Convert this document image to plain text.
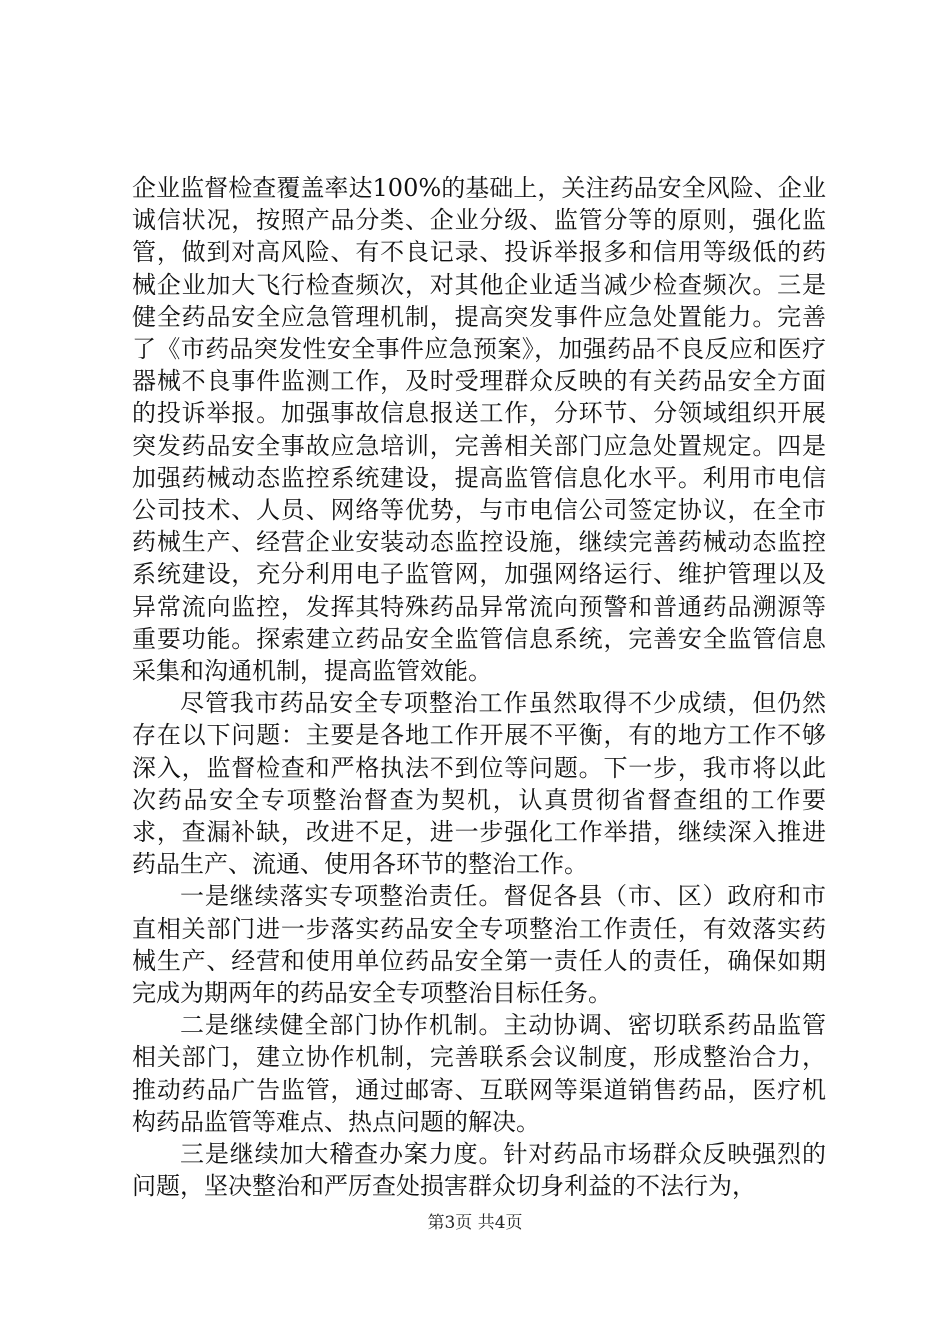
企业监督检查覆盖率达100%的基础上，关注药品安全风险、企业诚信状况，按照产品分类、企业分级、监管分等的原则，强化监管，做到对高风险、有不良记录、投诉举报多和信用等级低的药械企业加大飞行检查频次，对其他企业适当减少检查频次。三是健全药品安全应急管理机制，提高突发事件应急处置能力。完善了《市药品突发性安全事件应急预案》，加强药品不良反应和医疗器械不良事件监测工作，及时受理群众反映的有关药品安全方面的投诉举报。加强事故信息报送工作，分环节、分领域组织开展突发药品安全事故应急培训，完善相关部门应急处置规定。四是加强药械动态监控系统建设，提高监管信息化水平。利用市电信公司技术、人员、网络等优势，与市电信公司签定协议，在全市药械生产、经营企业安装动态监控设施，继续完善药械动态监控系统建设，充分利用电子监管网，加强网络运行、维护管理以及异常流向监控，发挥其特殊药品异常流向预警和普通药品溯源等重要功能。探索建立药品安全监管信息系统，完善安全监管信息采集和沟通机制，提高监管效能。

尽管我市药品安全专项整治工作虽然取得不少成绩，但仍然存在以下问题：主要是各地工作开展不平衡，有的地方工作不够深入，监督检查和严格执法不到位等问题。下一步，我市将以此次药品安全专项整治督查为契机，认真贯彻省督查组的工作要求，查漏补缺，改进不足，进一步强化工作举措，继续深入推进药品生产、流通、使用各环节的整治工作。

一是继续落实专项整治责任。督促各县（市、区）政府和市直相关部门进一步落实药品安全专项整治工作责任，有效落实药械生产、经营和使用单位药品安全第一责任人的责任，确保如期完成为期两年的药品安全专项整治目标任务。

二是继续健全部门协作机制。主动协调、密切联系药品监管相关部门，建立协作机制，完善联系会议制度，形成整治合力，推动药品广告监管，通过邮寄、互联网等渠道销售药品，医疗机构药品监管等难点、热点问题的解决。

三是继续加大稽查办案力度。针对药品市场群众反映强烈的问题，坚决整治和严厉查处损害群众切身利益的不法行为，

第3页 共4页
